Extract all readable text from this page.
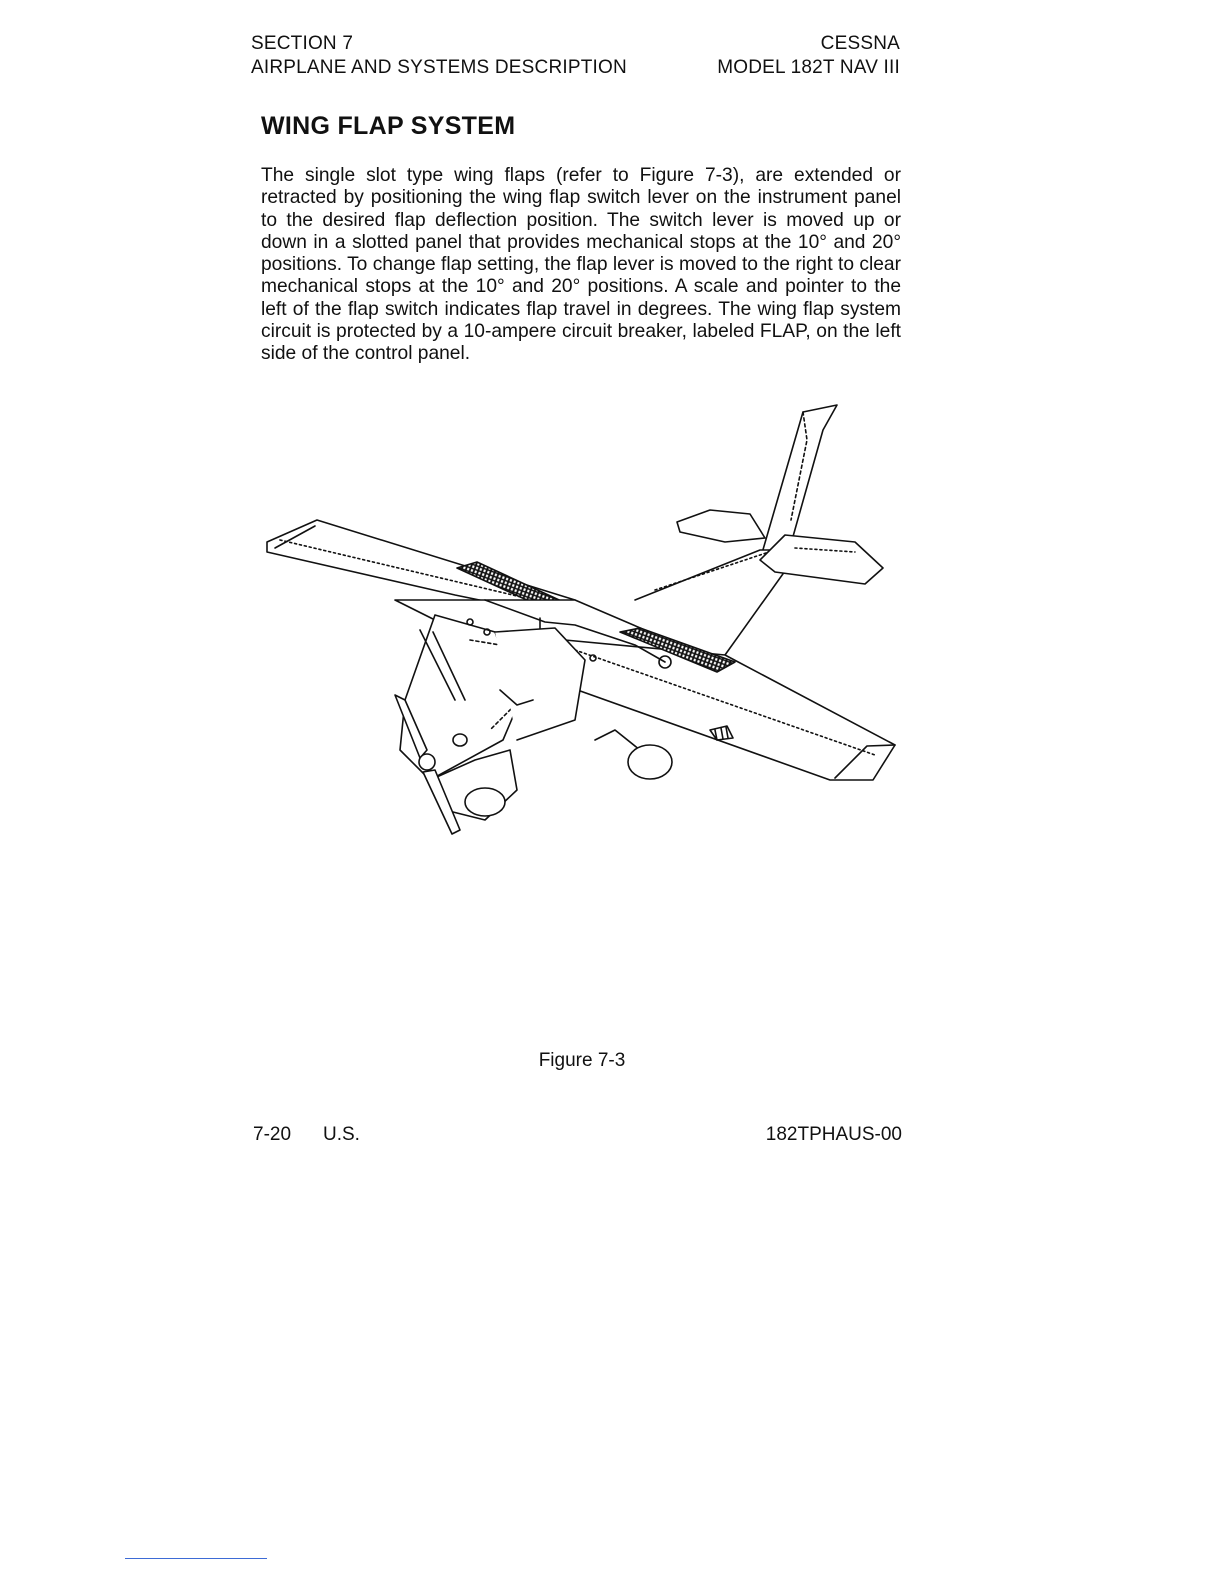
SECTION 7
AIRPLANE AND SYSTEMS DESCRIPTION
CESSNA
MODEL 182T NAV III
WING FLAP SYSTEM
The single slot type wing flaps (refer to Figure 7-3), are extended or retracted by positioning the wing flap switch lever on the instrument panel to the desired flap deflection position. The switch lever is moved up or down in a slotted panel that provides mechanical stops at the 10° and 20° positions. To change flap setting, the flap lever is moved to the right to clear mechanical stops at the 10° and 20° positions. A scale and pointer to the left of the flap switch indicates flap travel in degrees. The wing flap system circuit is protected by a 10-ampere circuit breaker, labeled FLAP, on the left side of the control panel.
Figure 7-3
7-20 U.S.	182TPHAUS-00
